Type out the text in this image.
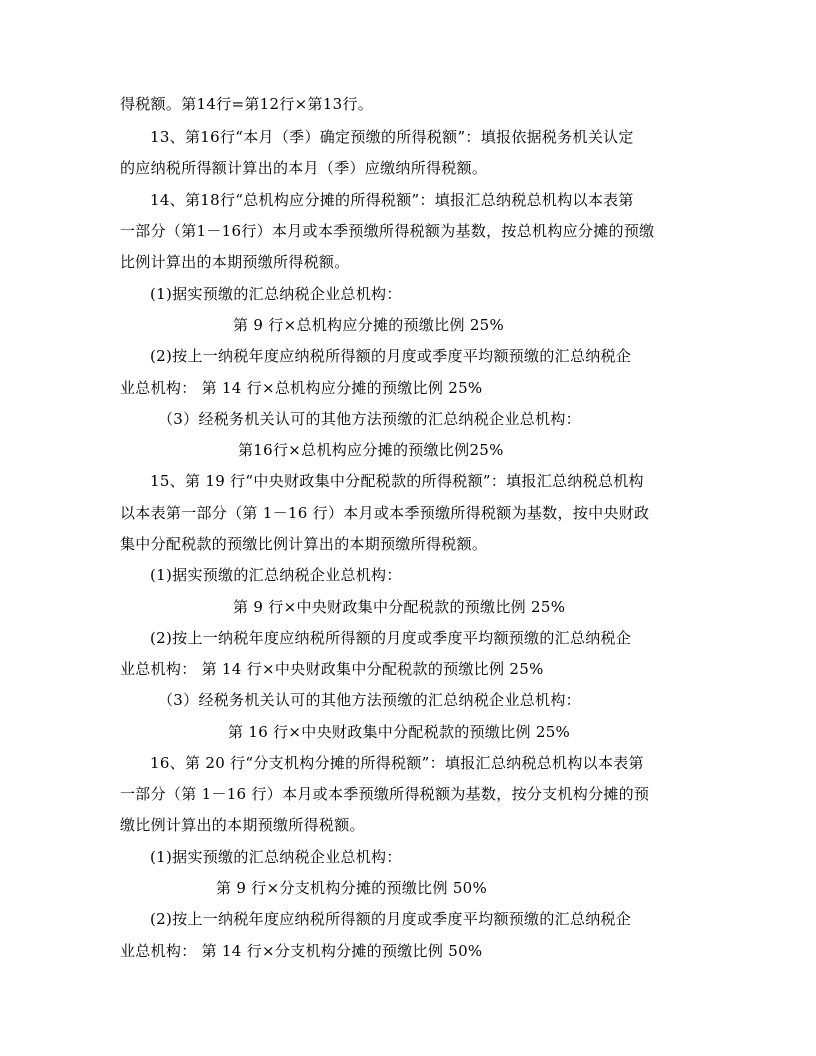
得税额。第14行=第12行×第13行。
13、第16行“本月（季）确定预缴的所得税额”：填报依据税务机关认定
的应纳税所得额计算出的本月（季）应缴纳所得税额。
14、第18行“总机构应分摊的所得税额”：填报汇总纳税总机构以本表第
一部分（第1－16行）本月或本季预缴所得税额为基数，按总机构应分摊的预缴
比例计算出的本期预缴所得税额。
(1)据实预缴的汇总纳税企业总机构：
第 9 行×总机构应分摊的预缴比例 25%
(2)按上一纳税年度应纳税所得额的月度或季度平均额预缴的汇总纳税企
业总机构： 第 14 行×总机构应分摊的预缴比例 25%
（3）经税务机关认可的其他方法预缴的汇总纳税企业总机构：
第16行×总机构应分摊的预缴比例25%
15、第 19 行“中央财政集中分配税款的所得税额”：填报汇总纳税总机构
以本表第一部分（第 1－16 行）本月或本季预缴所得税额为基数，按中央财政
集中分配税款的预缴比例计算出的本期预缴所得税额。
(1)据实预缴的汇总纳税企业总机构：
第 9 行×中央财政集中分配税款的预缴比例 25%
(2)按上一纳税年度应纳税所得额的月度或季度平均额预缴的汇总纳税企
业总机构： 第 14 行×中央财政集中分配税款的预缴比例 25%
（3）经税务机关认可的其他方法预缴的汇总纳税企业总机构：
第 16 行×中央财政集中分配税款的预缴比例 25%
16、第 20 行“分支机构分摊的所得税额”：填报汇总纳税总机构以本表第
一部分（第 1－16 行）本月或本季预缴所得税额为基数，按分支机构分摊的预
缴比例计算出的本期预缴所得税额。
(1)据实预缴的汇总纳税企业总机构：
第 9 行×分支机构分摊的预缴比例 50%
(2)按上一纳税年度应纳税所得额的月度或季度平均额预缴的汇总纳税企
业总机构： 第 14 行×分支机构分摊的预缴比例 50%
